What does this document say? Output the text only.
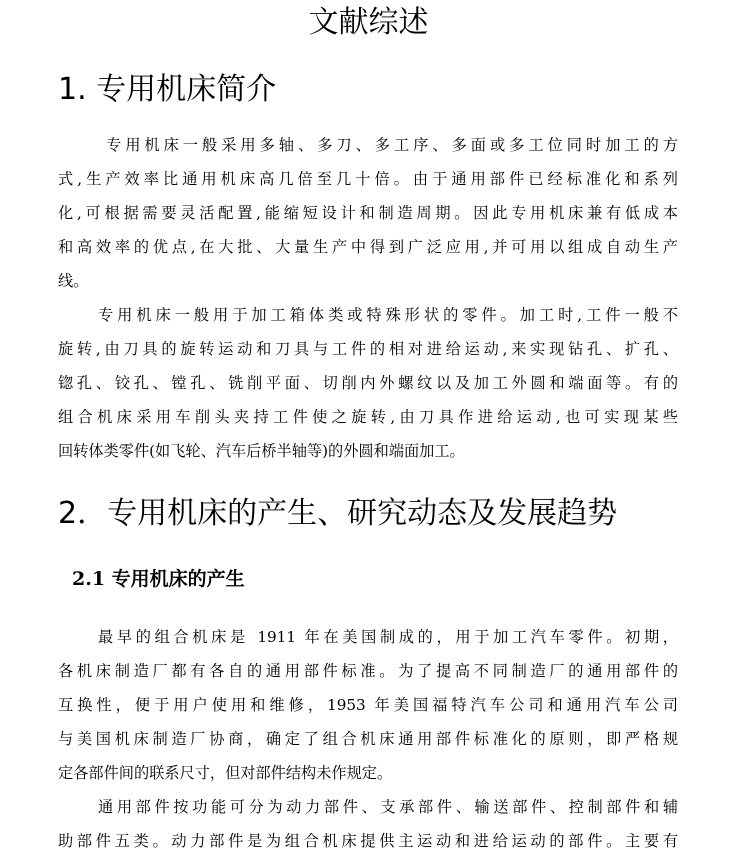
文献综述
1. 专用机床简介
专用机床一般采用多轴、多刀、多工序、多面或多工位同时加工的方
式,生产效率比通用机床高几倍至几十倍。由于通用部件已经标准化和系列
化,可根据需要灵活配置,能缩短设计和制造周期。因此专用机床兼有低成本
和高效率的优点,在大批、大量生产中得到广泛应用,并可用以组成自动生产
线。
专用机床一般用于加工箱体类或特殊形状的零件。加工时,工件一般不
旋转,由刀具的旋转运动和刀具与工件的相对进给运动,来实现钻孔、扩孔、
锪孔、铰孔、镗孔、铣削平面、切削内外螺纹以及加工外圆和端面等。有的
组合机床采用车削头夹持工件使之旋转,由刀具作进给运动,也可实现某些
回转体类零件(如飞轮、汽车后桥半轴等)的外圆和端面加工。
2．专用机床的产生、研究动态及发展趋势
2.1 专用机床的产生
最早的组合机床是 1911 年在美国制成的，用于加工汽车零件。初期，
各机床制造厂都有各自的通用部件标准。为了提高不同制造厂的通用部件的
互换性，便于用户使用和维修，1953 年美国福特汽车公司和通用汽车公司
与美国机床制造厂协商，确定了组合机床通用部件标准化的原则，即严格规
定各部件间的联系尺寸，但对部件结构未作规定。
通用部件按功能可分为动力部件、支承部件、输送部件、控制部件和辅
助部件五类。动力部件是为组合机床提供主运动和进给运动的部件。主要有
